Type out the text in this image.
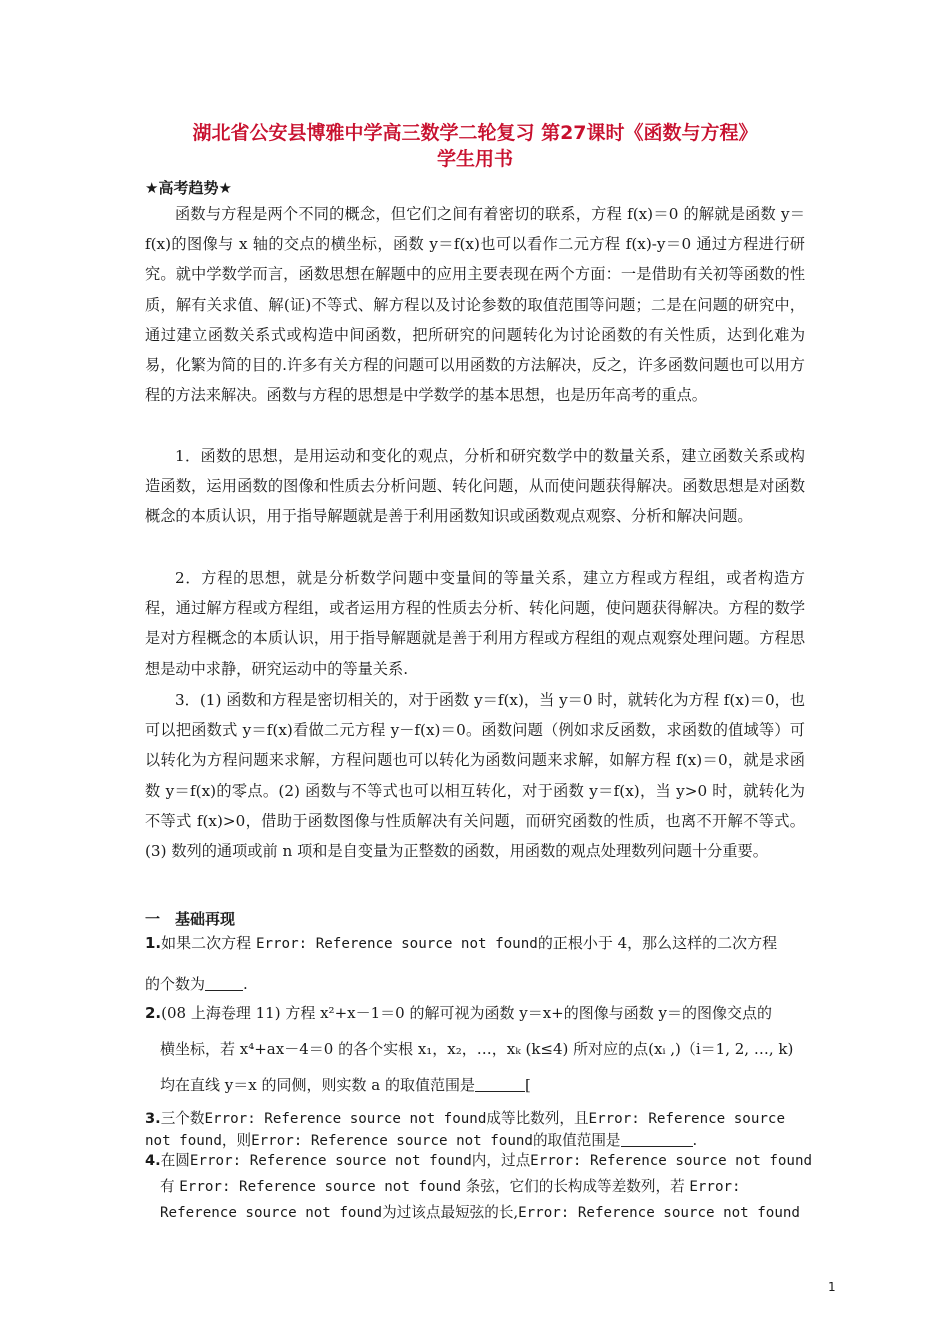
湖北省公安县博雅中学高三数学二轮复习 第27课时《函数与方程》
学生用书
★高考趋势★

函数与方程是两个不同的概念，但它们之间有着密切的联系，方程 f(x)＝0 的解就是函数 y＝f(x)的图像与 x 轴的交点的横坐标，函数 y＝f(x)也可以看作二元方程 f(x)-y＝0 通过方程进行研究。就中学数学而言，函数思想在解题中的应用主要表现在两个方面：一是借助有关初等函数的性质，解有关求值、解(证)不等式、解方程以及讨论参数的取值范围等问题；二是在问题的研究中，通过建立函数关系式或构造中间函数，把所研究的问题转化为讨论函数的有关性质，达到化难为易，化繁为简的目的.许多有关方程的问题可以用函数的方法解决，反之，许多函数问题也可以用方程的方法来解决。函数与方程的思想是中学数学的基本思想，也是历年高考的重点。

1．函数的思想，是用运动和变化的观点，分析和研究数学中的数量关系，建立函数关系或构造函数，运用函数的图像和性质去分析问题、转化问题，从而使问题获得解决。函数思想是对函数概念的本质认识，用于指导解题就是善于利用函数知识或函数观点观察、分析和解决问题。

2．方程的思想，就是分析数学问题中变量间的等量关系，建立方程或方程组，或者构造方程，通过解方程或方程组，或者运用方程的性质去分析、转化问题，使问题获得解决。方程的数学是对方程概念的本质认识，用于指导解题就是善于利用方程或方程组的观点观察处理问题。方程思想是动中求静，研究运动中的等量关系.

3．(1) 函数和方程是密切相关的，对于函数 y＝f(x)，当 y＝0 时，就转化为方程 f(x)＝0，也可以把函数式 y＝f(x)看做二元方程 y－f(x)＝0。函数问题（例如求反函数，求函数的值域等）可以转化为方程问题来求解，方程问题也可以转化为函数问题来求解，如解方程 f(x)＝0，就是求函数 y＝f(x)的零点。(2) 函数与不等式也可以相互转化，对于函数 y＝f(x)，当 y>0 时，就转化为不等式 f(x)>0，借助于函数图像与性质解决有关问题，而研究函数的性质，也离不开解不等式。(3) 数列的通项或前 n 项和是自变量为正整数的函数，用函数的观点处理数列问题十分重要。

一　基础再现
1.如果二次方程 Error: Reference source not found的正根小于 4，那么这样的二次方程
的个数为	.
2.(08 上海卷理 11) 方程 x²+x－1＝0 的解可视为函数 y＝x+的图像与函数 y＝的图像交点的
横坐标，若 x⁴+ax－4＝0 的各个实根 x₁，x₂，…，xₖ (k≤4) 所对应的点(xᵢ ,)（i＝1, 2, …, k)
均在直线 y＝x 的同侧，则实数 a 的取值范围是	[
3.三个数Error: Reference source not found成等比数列，且Error: Reference source
not found，则Error: Reference source not found的取值范围是	.
4.在圆Error: Reference source not found内，过点Error: Reference source not found
有 Error: Reference source not found 条弦，它们的长构成等差数列，若 Error:
Reference source not found为过该点最短弦的长,Error: Reference source not found
1
